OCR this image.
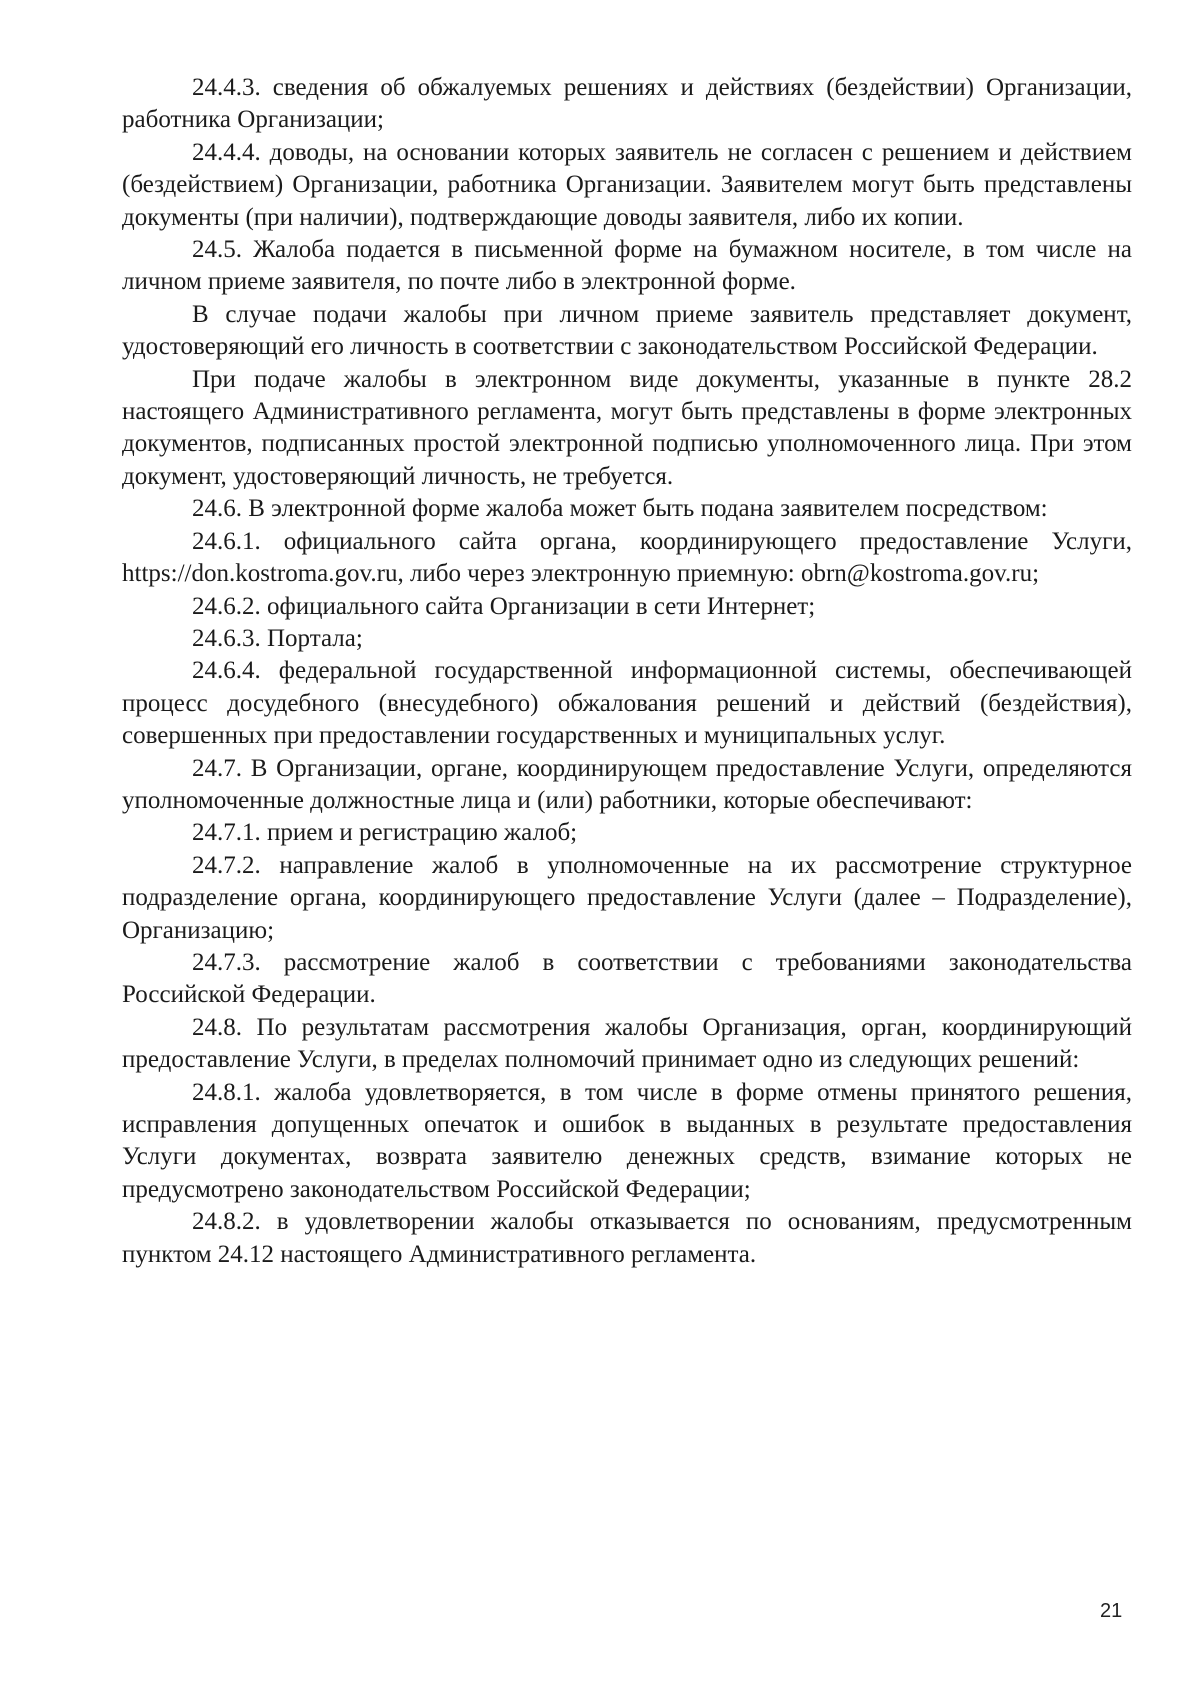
24.4.3. сведения об обжалуемых решениях и действиях (бездействии) Организации, работника Организации;

24.4.4. доводы, на основании которых заявитель не согласен с решением и действием (бездействием) Организации, работника Организации. Заявителем могут быть представлены документы (при наличии), подтверждающие доводы заявителя, либо их копии.

24.5. Жалоба подается в письменной форме на бумажном носителе, в том числе на личном приеме заявителя, по почте либо в электронной форме.

В случае подачи жалобы при личном приеме заявитель представляет документ, удостоверяющий его личность в соответствии с законодательством Российской Федерации.

При подаче жалобы в электронном виде документы, указанные в пункте 28.2 настоящего Административного регламента, могут быть представлены в форме электронных документов, подписанных простой электронной подписью уполномоченного лица. При этом документ, удостоверяющий личность, не требуется.

24.6. В электронной форме жалоба может быть подана заявителем посредством:

24.6.1. официального сайта органа, координирующего предоставление Услуги, https://don.kostroma.gov.ru, либо через электронную приемную: obrn@kostroma.gov.ru;

24.6.2. официального сайта Организации в сети Интернет;

24.6.3. Портала;

24.6.4. федеральной государственной информационной системы, обеспечивающей процесс досудебного (внесудебного) обжалования решений и действий (бездействия), совершенных при предоставлении государственных и муниципальных услуг.

24.7. В Организации, органе, координирующем предоставление Услуги, определяются уполномоченные должностные лица и (или) работники, которые обеспечивают:

24.7.1. прием и регистрацию жалоб;

24.7.2. направление жалоб в уполномоченные на их рассмотрение структурное подразделение органа, координирующего предоставление Услуги (далее – Подразделение), Организацию;

24.7.3. рассмотрение жалоб в соответствии с требованиями законодательства Российской Федерации.

24.8. По результатам рассмотрения жалобы Организация, орган, координирующий предоставление Услуги, в пределах полномочий принимает одно из следующих решений:

24.8.1. жалоба удовлетворяется, в том числе в форме отмены принятого решения, исправления допущенных опечаток и ошибок в выданных в результате предоставления Услуги документах, возврата заявителю денежных средств, взимание которых не предусмотрено законодательством Российской Федерации;

24.8.2. в удовлетворении жалобы отказывается по основаниям, предусмотренным пунктом 24.12 настоящего Административного регламента.

21
